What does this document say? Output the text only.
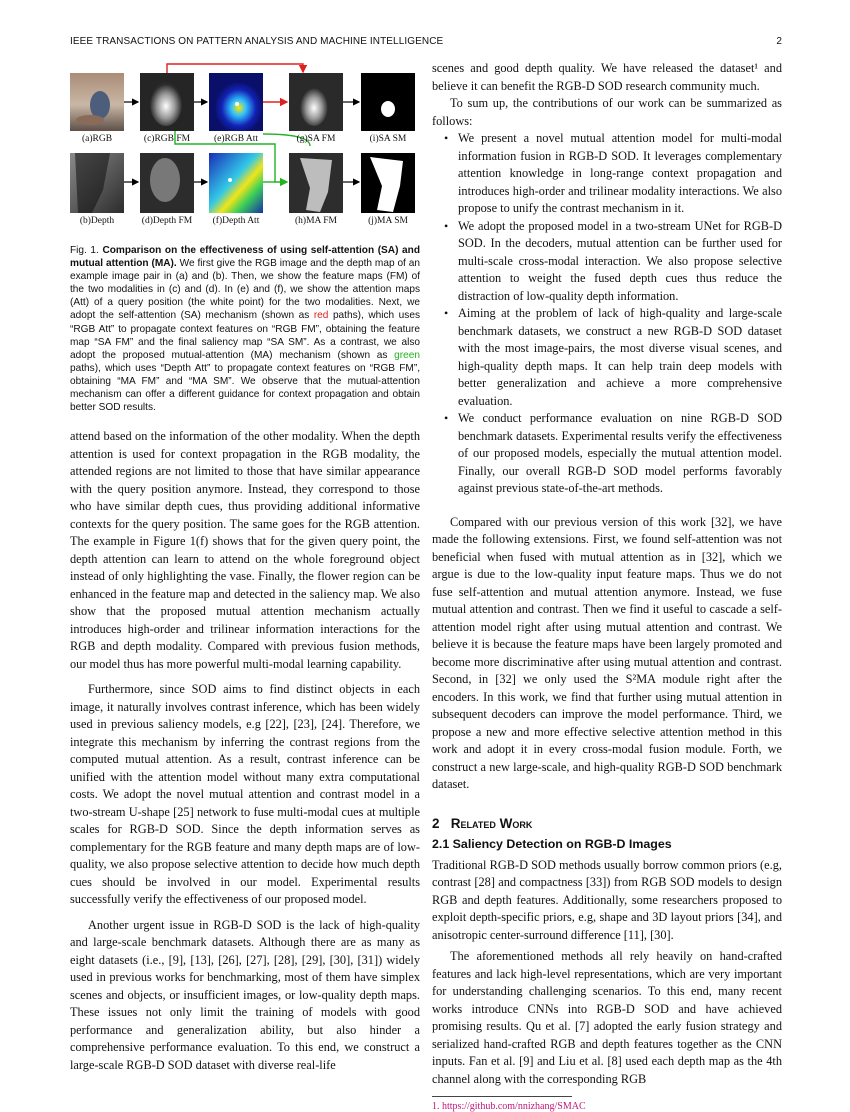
IEEE TRANSACTIONS ON PATTERN ANALYSIS AND MACHINE INTELLIGENCE	2
(a)RGB	(c)RGB FM	(e)RGB Att	(g)SA FM	(i)SA SM
(b)Depth	(d)Depth FM	(f)Depth Att	(h)MA FM	(j)MA SM
Fig. 1. Comparison on the effectiveness of using self-attention (SA) and mutual attention (MA). We first give the RGB image and the depth map of an example image pair in (a) and (b). Then, we show the feature maps (FM) of the two modalities in (c) and (d). In (e) and (f), we show the attention maps (Att) of a query position (the white point) for the two modalities. Next, we adopt the self-attention (SA) mechanism (shown as red paths), which uses “RGB Att” to propagate context features on “RGB FM”, obtaining the feature map “SA FM” and the final saliency map “SA SM”. As a contrast, we also adopt the proposed mutual-attention (MA) mechanism (shown as green paths), which uses “Depth Att” to propagate context features on “RGB FM”, obtaining “MA FM” and “MA SM”. We observe that the mutual-attention mechanism can offer a different guidance for context propagation and obtain better SOD results.

attend based on the information of the other modality. When the depth attention is used for context propagation in the RGB modality, the attended regions are not limited to those that have similar appearance with the query position anymore. Instead, they correspond to those who have similar depth cues, thus providing additional informative contexts for the query position. The same goes for the RGB attention. The example in Figure 1(f) shows that for the given query point, the depth attention can learn to attend on the whole foreground object instead of only highlighting the vase. Finally, the flower region can be enhanced in the feature map and detected in the saliency map. We also show that the proposed mutual attention mechanism actually introduces high-order and trilinear information interactions for the RGB and depth modality. Compared with previous fusion methods, our model thus has more powerful multi-modal learning capability.

Furthermore, since SOD aims to find distinct objects in each image, it naturally involves contrast inference, which has been widely used in previous saliency models, e.g [22], [23], [24]. Therefore, we integrate this mechanism by inferring the contrast regions from the computed mutual attention. As a result, contrast inference can be unified with the attention model without many extra computational costs. We adopt the novel mutual attention and contrast model in a two-stream U-shape [25] network to fuse multi-modal cues at multiple scales for RGB-D SOD. Since the depth information serves as complementary for the RGB feature and many depth maps are of low-quality, we also propose selective attention to decide how much depth cues should be involved in our model. Experimental results successfully verify the effectiveness of our proposed model.

Another urgent issue in RGB-D SOD is the lack of high-quality and large-scale benchmark datasets. Although there are as many as eight datasets (i.e., [9], [13], [26], [27], [28], [29], [30], [31]) widely used in previous works for benchmarking, most of them have simplex scenes and objects, or insufficient images, or low-quality depth maps. These issues not only limit the training of models with good performance and generalization ability, but also hinder a comprehensive performance evaluation. To this end, we construct a large-scale RGB-D SOD dataset with diverse real-life

scenes and good depth quality. We have released the dataset¹ and believe it can benefit the RGB-D SOD research community much.

To sum up, the contributions of our work can be summarized as follows:

• We present a novel mutual attention model for multi-modal information fusion in RGB-D SOD. It leverages complementary attention knowledge in long-range context propagation and introduces high-order and trilinear modality interactions. We also propose to unify the contrast mechanism in it.
• We adopt the proposed model in a two-stream UNet for RGB-D SOD. In the decoders, mutual attention can be further used for multi-scale cross-modal interaction. We also propose selective attention to weight the fused depth cues thus reduce the distraction of low-quality depth information.
• Aiming at the problem of lack of high-quality and large-scale benchmark datasets, we construct a new RGB-D SOD dataset with the most image-pairs, the most diverse visual scenes, and high-quality depth maps. It can help train deep models with better generalization and achieve a more comprehensive evaluation.
• We conduct performance evaluation on nine RGB-D SOD benchmark datasets. Experimental results verify the effectiveness of our proposed models, especially the mutual attention model. Finally, our overall RGB-D SOD model performs favorably against previous state-of-the-art methods.

Compared with our previous version of this work [32], we have made the following extensions. First, we found self-attention was not beneficial when fused with mutual attention as in [32], which we argue is due to the low-quality input feature maps. Thus we do not fuse self-attention and mutual attention anymore. Instead, we fuse mutual attention and contrast. Then we find it useful to cascade a self-attention model right after using mutual attention and contrast. We believe it is because the feature maps have been largely promoted and become more discriminative after using mutual attention and contrast. Second, in [32] we only used the S²MA module right after the encoders. In this work, we find that further using mutual attention in subsequent decoders can improve the model performance. Third, we propose a new and more effective selective attention method in this work and adopt it in every cross-modal fusion module. Forth, we construct a new large-scale, and high-quality RGB-D SOD benchmark dataset.

2 Related Work
2.1 Saliency Detection on RGB-D Images

Traditional RGB-D SOD methods usually borrow common priors (e.g, contrast [28] and compactness [33]) from RGB SOD models to design RGB and depth features. Additionally, some researchers proposed to exploit depth-specific priors, e.g, shape and 3D layout priors [34], and anisotropic center-surround difference [11], [30].

The aforementioned methods all rely heavily on hand-crafted features and lack high-level representations, which are very important for understanding challenging scenarios. To this end, many recent works introduce CNNs into RGB-D SOD and have achieved promising results. Qu et al. [7] adopted the early fusion strategy and serialized hand-crafted RGB and depth features together as the CNN inputs. Fan et al. [9] and Liu et al. [8] used each depth map as the 4th channel along with the corresponding RGB

1. https://github.com/nnizhang/SMAC
